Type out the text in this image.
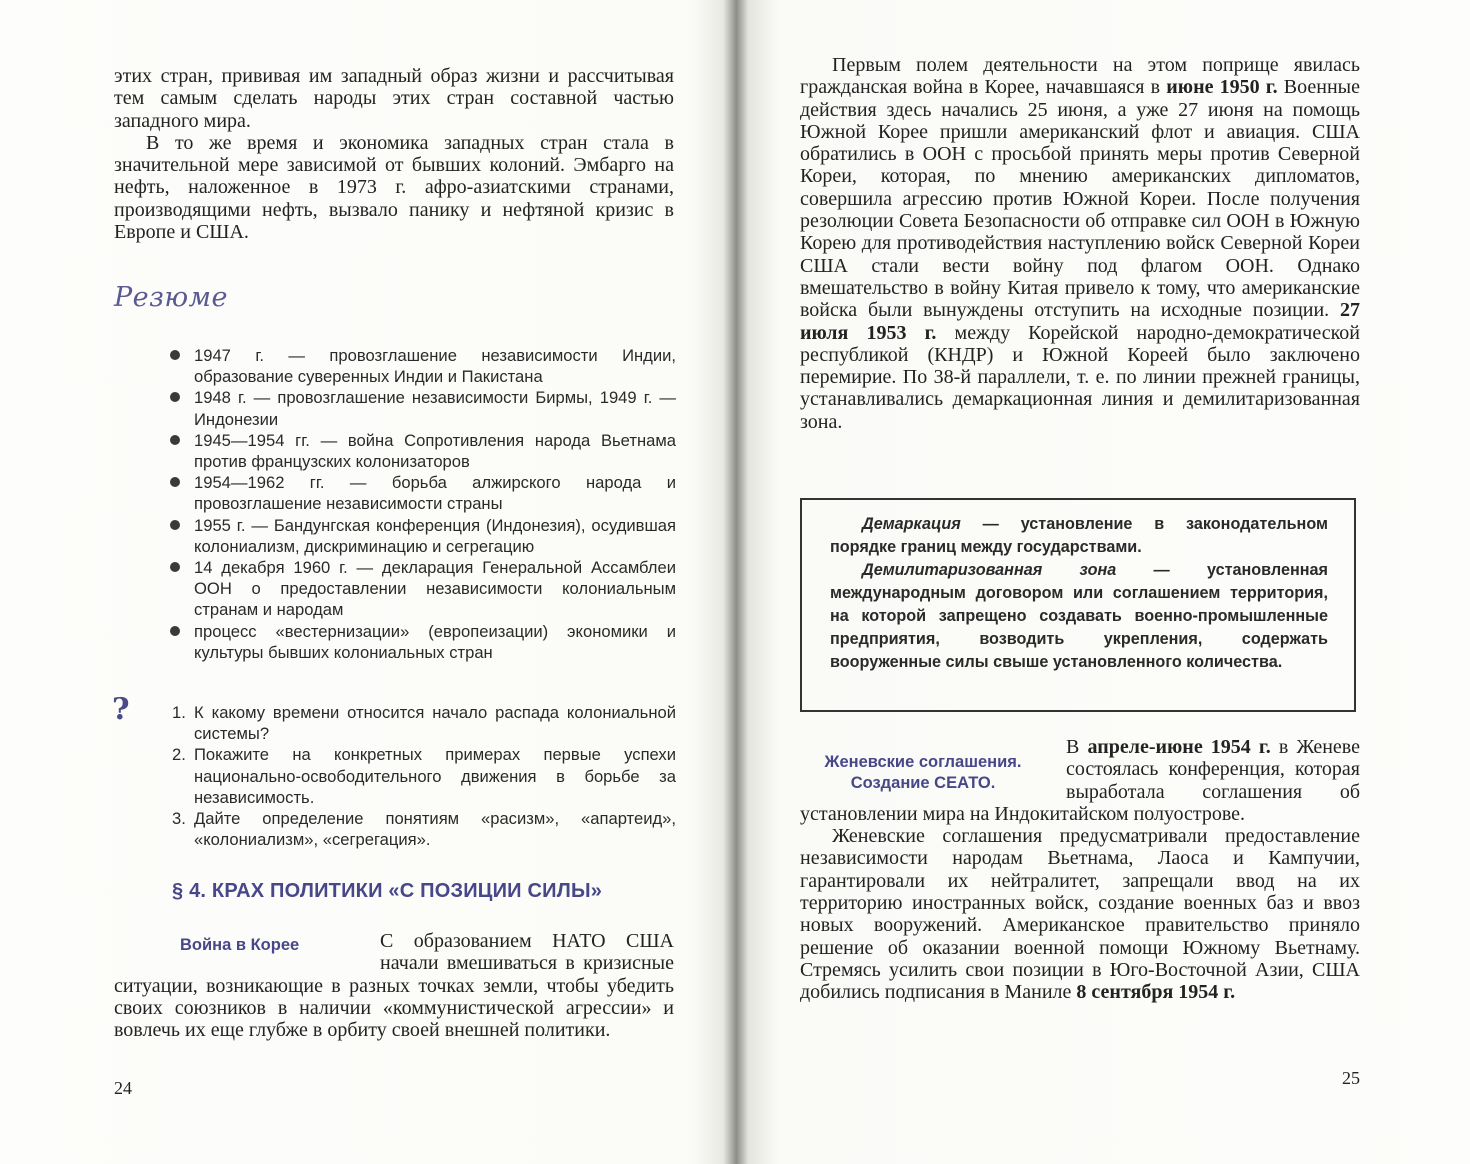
этих стран, прививая им западный образ жизни и рассчитывая тем самым сделать народы этих стран составной частью западного мира.

В то же время и экономика западных стран стала в значительной мере зависимой от бывших колоний. Эмбарго на нефть, наложенное в 1973 г. афро-азиатскими странами, производящими нефть, вызвало панику и нефтяной кризис в Европе и США.

Резюме
1947 г. — провозглашение независимости Индии, образование суверенных Индии и Пакистана
1948 г. — провозглашение независимости Бирмы, 1949 г. — Индонезии
1945—1954 гг. — война Сопротивления народа Вьетнама против французских колонизаторов
1954—1962 гг. — борьба алжирского народа и провозглашение независимости страны
1955 г. — Бандунгская конференция (Индонезия), осудившая колониализм, дискриминацию и сегрегацию
14 декабря 1960 г. — декларация Генеральной Ассамблеи ООН о предоставлении независимости колониальным странам и народам
процесс «вестернизации» (европеизации) экономики и культуры бывших колониальных стран
?	1. К какому времени относится начало распада колониальной системы?
2. Покажите на конкретных примерах первые успехи национально-освободительного движения в борьбе за независимость.
3. Дайте определение понятиям «расизм», «апартеид», «колониализм», «сегрегация».
§ 4. КРАХ ПОЛИТИКИ «С ПОЗИЦИИ СИЛЫ»
Война в Корее	С образованием НАТО США начали вмешиваться в кризисные ситуации, возникающие в разных точках земли, чтобы убедить своих союзников в наличии «коммунистической агрессии» и вовлечь их еще глубже в орбиту своей внешней политики.

24

Первым полем деятельности на этом поприще явилась гражданская война в Корее, начавшаяся в июне 1950 г. Военные действия здесь начались 25 июня, а уже 27 июня на помощь Южной Корее пришли американский флот и авиация. США обратились в ООН с просьбой принять меры против Северной Кореи, которая, по мнению американских дипломатов, совершила агрессию против Южной Кореи. После получения резолюции Совета Безопасности об отправке сил ООН в Южную Корею для противодействия наступлению войск Северной Кореи США стали вести войну под флагом ООН. Однако вмешательство в войну Китая привело к тому, что американские войска были вынуждены отступить на исходные позиции. 27 июля 1953 г. между Корейской народно-демократической республикой (КНДР) и Южной Кореей было заключено перемирие. По 38-й параллели, т. е. по линии прежней границы, устанавливались демаркационная линия и демилитаризованная зона.

Демаркация — установление в законодательном порядке границ между государствами.

Демилитаризованная зона — установленная международным договором или соглашением территория, на которой запрещено создавать военно-промышленные предприятия, возводить укрепления, содержать вооруженные силы свыше установленного количества.

Женевские соглашения.
Создание СЕАТО.

В апреле-июне 1954 г. в Женеве состоялась конференция, которая выработала соглашения об установлении мира на Индокитайском полуострове.

Женевские соглашения предусматривали предоставление независимости народам Вьетнама, Лаоса и Кампучии, гарантировали их нейтралитет, запрещали ввод на их территорию иностранных войск, создание военных баз и ввоз новых вооружений. Американское правительство приняло решение об оказании военной помощи Южному Вьетнаму. Стремясь усилить свои позиции в Юго-Восточной Азии, США добились подписания в Маниле 8 сентября 1954 г.

25
